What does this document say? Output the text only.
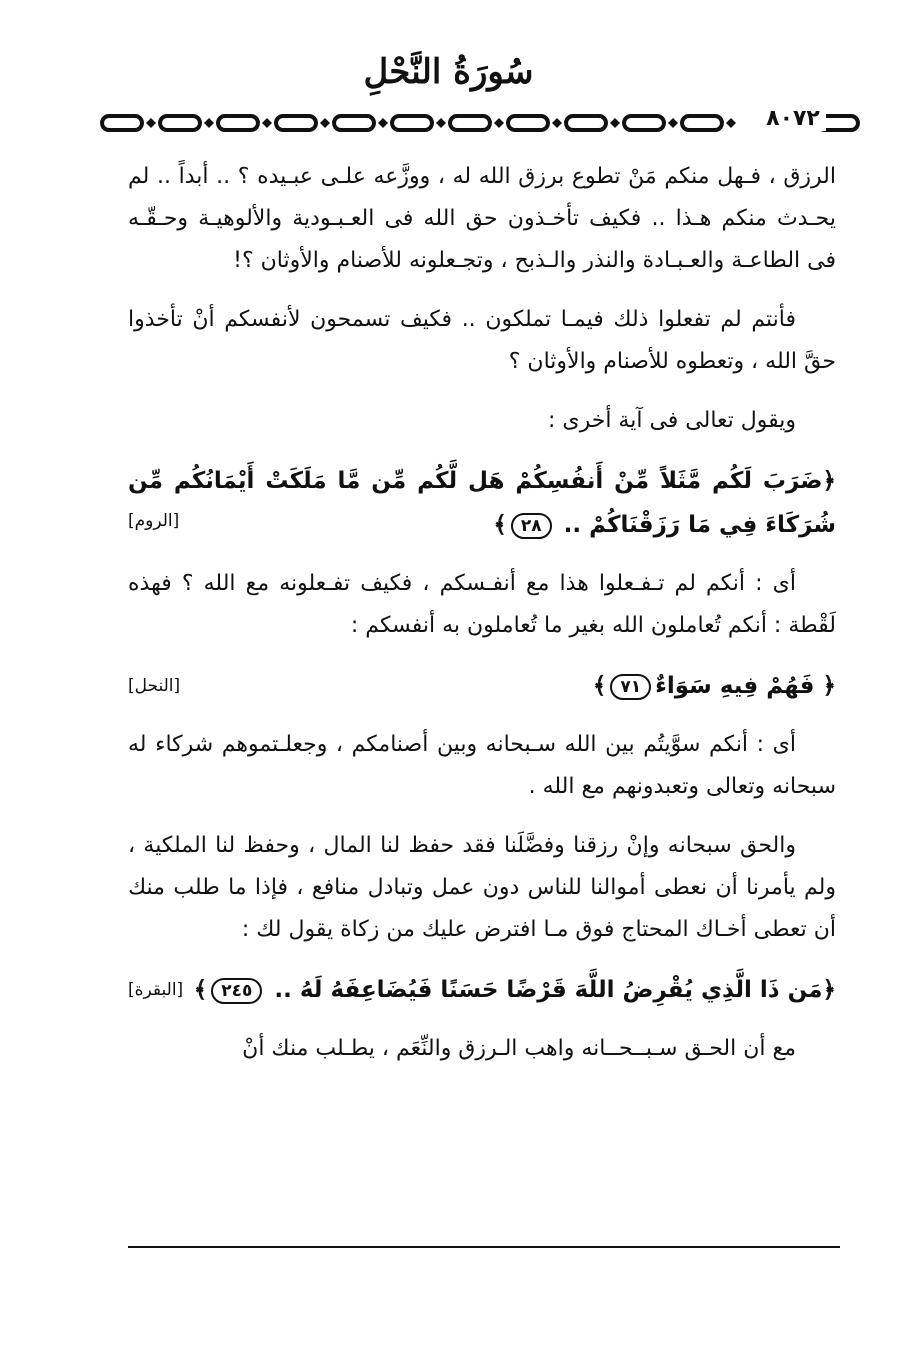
سُورَةُ النَّحْلِ
٨٠٧٢

الرزق ، فـهل منكم مَنْ تطوع برزق الله له ، ووزَّعه علـى عبـيده ؟ .. أبداً .. لم يحـدث منكم هـذا .. فكيف تأخـذون حق الله فى العـبـودية والألوهيـة وحـقّـه فى الطاعـة والعـبـادة والنذر والـذبح ، وتجـعلونه للأصنام والأوثان ؟!

فأنتم لم تفعلوا ذلك فيمـا تملكون .. فكيف تسمحون لأنفسكم أنْ تأخذوا حقَّ الله ، وتعطوه للأصنام والأوثان ؟

ويقول تعالى فى آية أخرى :

﴿ضَرَبَ لَكُم مَّثَلاً مِّنْ أَنفُسِكُمْ هَل لَّكُم مِّن مَّا مَلَكَتْ أَيْمَانُكُم مِّن شُرَكَاءَ فِي مَا رَزَقْنَاكُمْ .. ٢٨﴾
[الروم]

أى : أنكم لم تـفـعلوا هذا مع أنفـسكم ، فكيف تفـعلونه مع الله ؟ فهذه لَقْطة : أنكم تُعاملون الله بغير ما تُعاملون به أنفسكم :

﴿ فَهُمْ فِيهِ سَوَاءٌ٧١﴾
[النحل]

أى : أنكم سوَّيتُم بين الله سـبحانه وبين أصنامكم ، وجعلـتموهم شركاء له سبحانه وتعالى وتعبدونهم مع الله .

والحق سبحانه وإنْ رزقنا وفضَّلَنا فقد حفظ لنا المال ، وحفظ لنا الملكية ، ولم يأمرنا أن نعطى أموالنا للناس دون عمل وتبادل منافع ، فإذا ما طلب منك أن تعطى أخـاك المحتاج فوق مـا افترض عليك من زكاة يقول لك :

﴿مَن ذَا الَّذِي يُقْرِضُ اللَّهَ قَرْضًا حَسَنًا فَيُضَاعِفَهُ لَهُ .. ٢٤٥﴾
[البقرة]

مع أن الحـق سـبــحــانه واهب الـرزق والنِّعَم ، يطـلب منك أنْ
